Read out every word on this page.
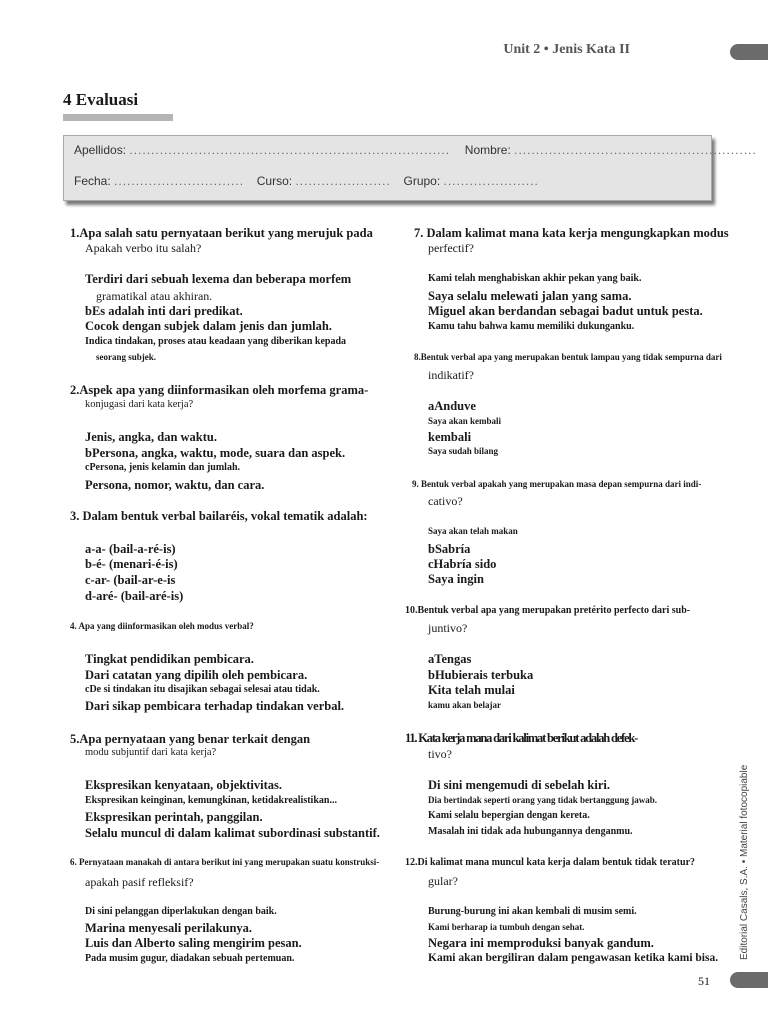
Unit 2 • Jenis Kata II
4 Evaluasi
Apellidos: .......................................................................... Nombre: ........................................................
Fecha: .............................. Curso: ...................... Grupo: ......................
1.Apa salah satu pernyataan berikut yang merujuk pada
Apakah verbo itu salah?
Terdiri dari sebuah lexema dan beberapa morfem
gramatikal atau akhiran.
bEs adalah inti dari predikat.
Cocok dengan subjek dalam jenis dan jumlah.
Indica tindakan, proses atau keadaan yang diberikan kepada
seorang subjek.
2.Aspek apa yang diinformasikan oleh morfema grama-
konjugasi dari kata kerja?
Jenis, angka, dan waktu.
bPersona, angka, waktu, mode, suara dan aspek.
cPersona, jenis kelamin dan jumlah.
Persona, nomor, waktu, dan cara.
3. Dalam bentuk verbal bailaréis, vokal tematik adalah:
a-a- (bail-a-ré-is)
b-é- (menari-é-is)
c-ar- (bail-ar-e-is
d-aré- (bail-aré-is)
4. Apa yang diinformasikan oleh modus verbal?
Tingkat pendidikan pembicara.
Dari catatan yang dipilih oleh pembicara.
cDe si tindakan itu disajikan sebagai selesai atau tidak.
Dari sikap pembicara terhadap tindakan verbal.
5.Apa pernyataan yang benar terkait dengan
modu subjuntif dari kata kerja?
Ekspresikan kenyataan, objektivitas.
Ekspresikan keinginan, kemungkinan, ketidakrealistikan...
Ekspresikan perintah, panggilan.
Selalu muncul di dalam kalimat subordinasi substantif.
6. Pernyataan manakah di antara berikut ini yang merupakan suatu konstruksi-
apakah pasif refleksif?
Di sini pelanggan diperlakukan dengan baik.
Marina menyesali perilakunya.
Luis dan Alberto saling mengirim pesan.
Pada musim gugur, diadakan sebuah pertemuan.
7. Dalam kalimat mana kata kerja mengungkapkan modus
perfectif?
Kami telah menghabiskan akhir pekan yang baik.
Saya selalu melewati jalan yang sama.
Miguel akan berdandan sebagai badut untuk pesta.
Kamu tahu bahwa kamu memiliki dukunganku.
8.Bentuk verbal apa yang merupakan bentuk lampau yang tidak sempurna dari
indikatif?
aAnduve
Saya akan kembali
kembali
Saya sudah bilang
9. Bentuk verbal apakah yang merupakan masa depan sempurna dari indi-
cativo?
Saya akan telah makan
bSabría
cHabría sido
Saya ingin
10.Bentuk verbal apa yang merupakan pretérito perfecto dari sub-
juntivo?
aTengas
bHubierais terbuka
Kita telah mulai
kamu akan belajar
11. Kata kerja mana dari kalimat berikut adalah defek-
tivo?
Di sini mengemudi di sebelah kiri.
Dia bertindak seperti orang yang tidak bertanggung jawab.
Kami selalu bepergian dengan kereta.
Masalah ini tidak ada hubungannya denganmu.
12.Di kalimat mana muncul kata kerja dalam bentuk tidak teratur?
gular?
Burung-burung ini akan kembali di musim semi.
Kami berharap ia tumbuh dengan sehat.
Negara ini memproduksi banyak gandum.
Kami akan bergiliran dalam pengawasan ketika kami bisa. Editorial Casals, S.A. • Material fotocopiable
51
